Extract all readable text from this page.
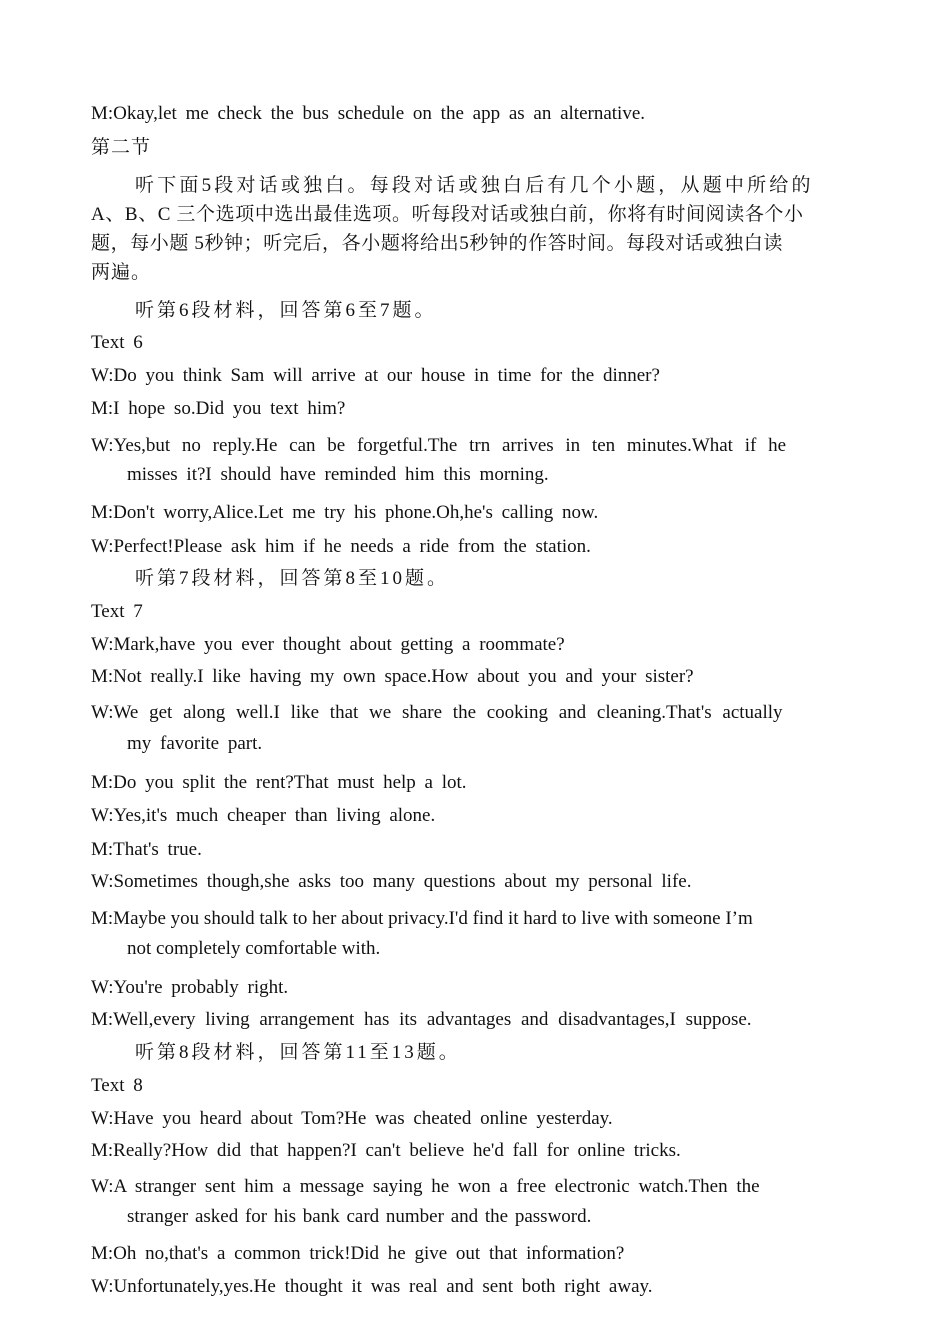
M:Okay,let me check the bus schedule on the app as an alternative.
第二节
听下面5段对话或独白。每段对话或独白后有几个小题，从题中所给的
A、B、C 三个选项中选出最佳选项。听每段对话或独白前，你将有时间阅读各个小
题，每小题 5秒钟；听完后，各小题将给出5秒钟的作答时间。每段对话或独白读
两遍。
听第6段材料，回答第6至7题。
Text 6
W:Do you think Sam will arrive at our house in time for the dinner?
M:I hope so.Did you text him?
W:Yes,but no reply.He can be forgetful.The trn arrives in ten minutes.What if he
misses it?I should have reminded him this morning.
M:Don't worry,Alice.Let me try his phone.Oh,he's calling now.
W:Perfect!Please ask him if he needs a ride from the station.
听第7段材料，回答第8至10题。
Text 7
W:Mark,have you ever thought about getting a roommate?
M:Not really.I like having my own space.How about you and your sister?
W:We get along well.I like that we share the cooking and cleaning.That's actually
my favorite part.
M:Do you split the rent?That must help a lot.
W:Yes,it's much cheaper than living alone.
M:That's true.
W:Sometimes though,she asks too many questions about my personal life.
M:Maybe you should talk to her about privacy.I'd find it hard to live with someone I’m
not completely comfortable with.
W:You're probably right.
M:Well,every living arrangement has its advantages and disadvantages,I suppose.
听第8段材料，回答第11至13题。
Text 8
W:Have you heard about Tom?He was cheated online yesterday.
M:Really?How did that happen?I can't believe he'd fall for online tricks.
W:A stranger sent him a message saying he won a free electronic watch.Then the
stranger asked for his bank card number and the password.
M:Oh no,that's a common trick!Did he give out that information?
W:Unfortunately,yes.He thought it was real and sent both right away.
